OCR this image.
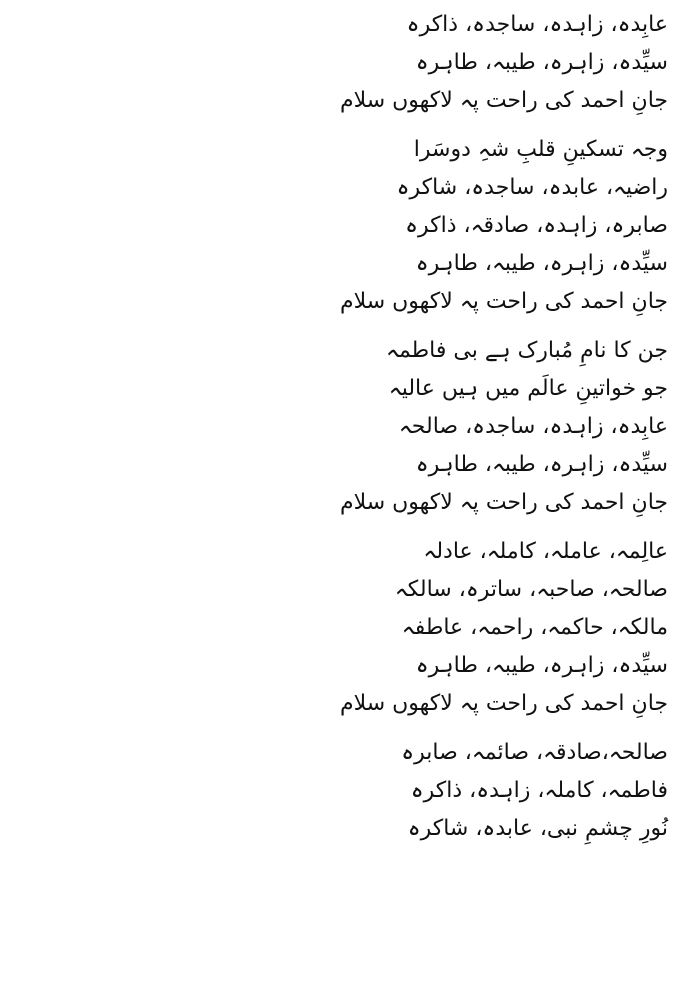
عابِدہ، زاہدہ، ساجدہ، ذاکرہ
سیِّدہ، زاہرہ، طیبہ، طاہرہ
جانِ احمد کی راحت پہ لاکھوں سلام
وجہ تسکینِ قلبِ شہِ دوسَرا
راضیہ، عابدہ، ساجدہ، شاکرہ
صابرہ، زاہدہ، صادقہ، ذاکرہ
سیِّدہ، زاہرہ، طیبہ، طاہرہ
جانِ احمد کی راحت پہ لاکھوں سلام
جن کا نامِ مُبارک ہے بی فاطمہ
جو خواتینِ عالَم میں ہیں عالیہ
عابِدہ، زاہدہ، ساجدہ، صالحہ
سیِّدہ، زاہرہ، طیبہ، طاہرہ
جانِ احمد کی راحت پہ لاکھوں سلام
عالِمہ، عاملہ، کاملہ، عادلہ
صالحہ، صاحبہ، ساترہ، سالکہ
مالکہ، حاکمہ، راحمہ، عاطفہ
سیِّدہ، زاہرہ، طیبہ، طاہرہ
جانِ احمد کی راحت پہ لاکھوں سلام
صالحہ،صادقہ، صائمہ، صابرہ
فاطمہ، کاملہ، زاہدہ، ذاکرہ
نُورِ چشمِ نبی، عابدہ، شاکرہ
